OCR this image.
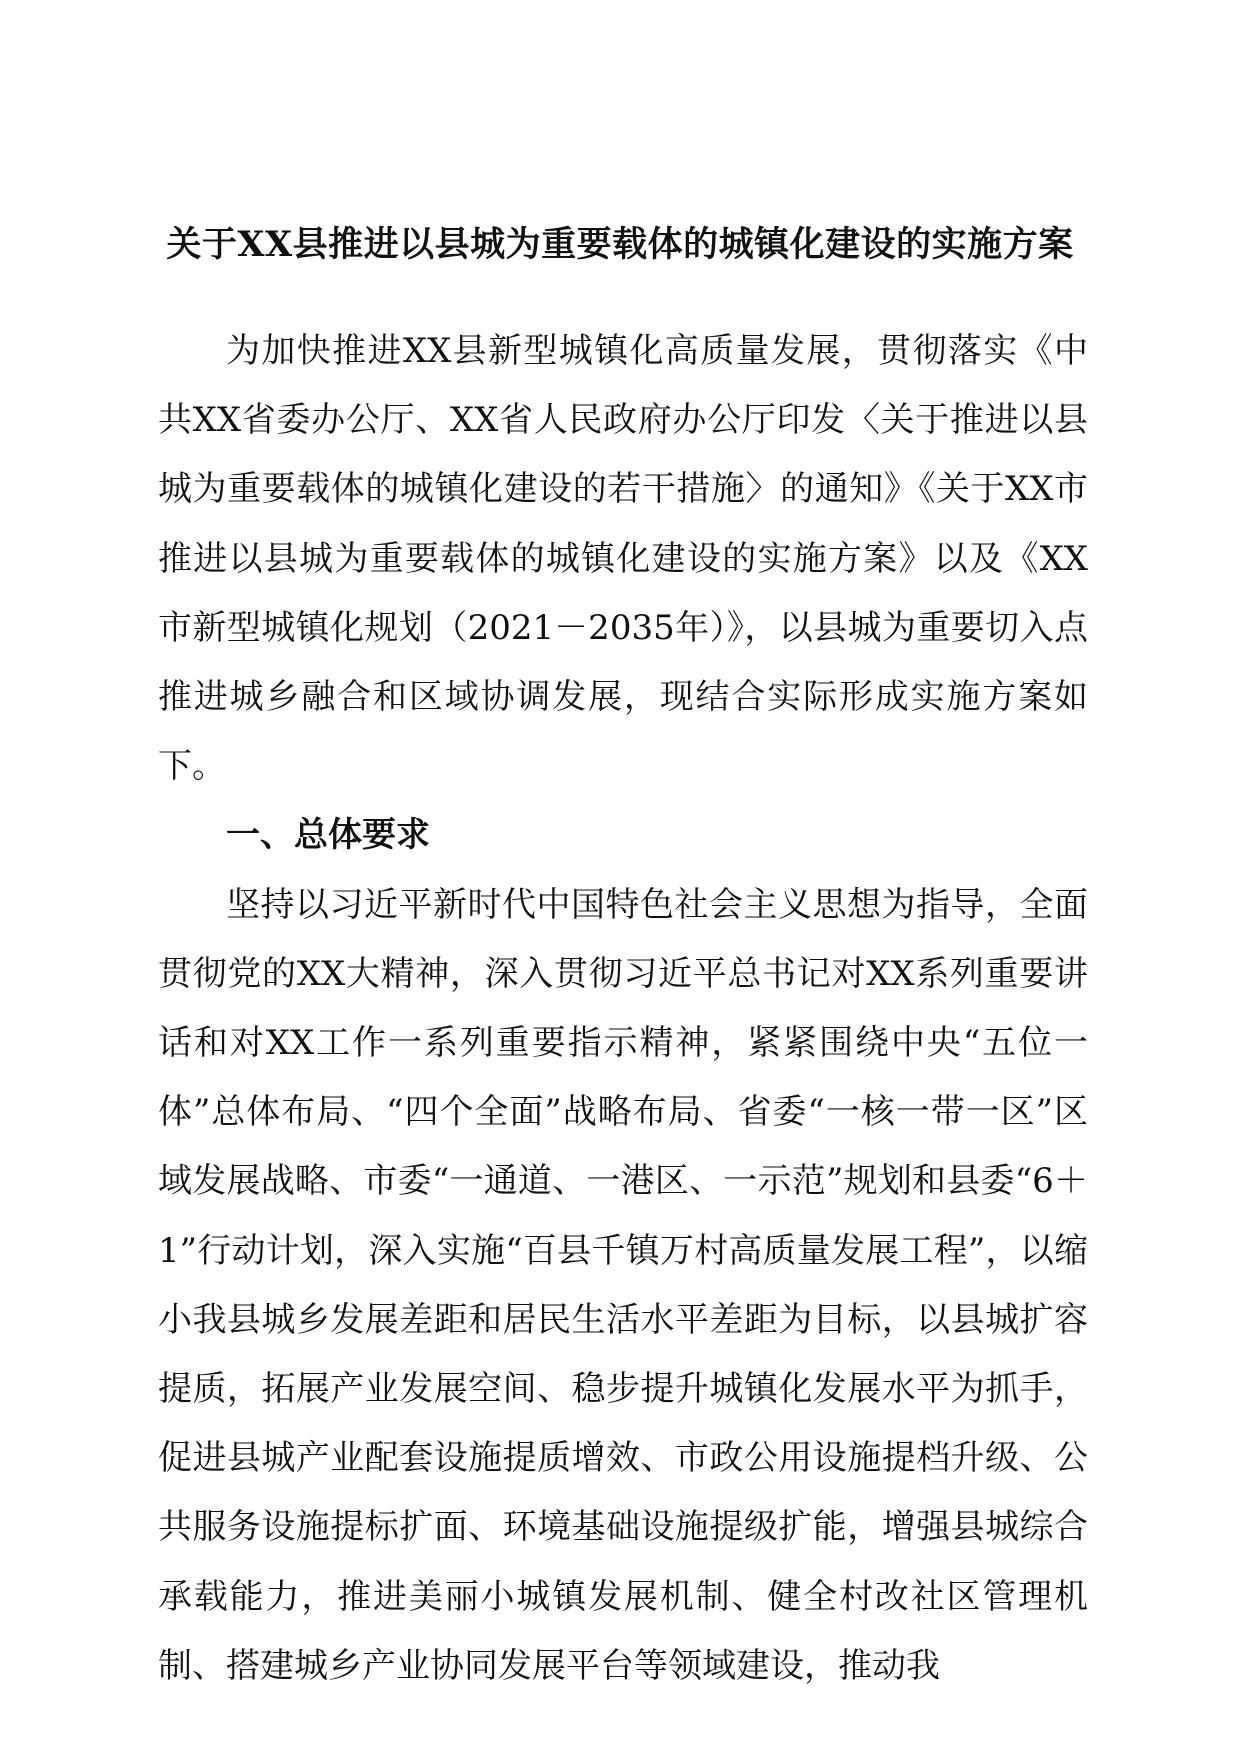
关于XX县推进以县城为重要载体的城镇化建设的实施方案

为加快推进XX县新型城镇化高质量发展，贯彻落实《中共XX省委办公厅、XX省人民政府办公厅印发〈关于推进以县城为重要载体的城镇化建设的若干措施〉的通知》《关于XX市推进以县城为重要载体的城镇化建设的实施方案》以及《XX市新型城镇化规划（2021－2035年）》，以县城为重要切入点推进城乡融合和区域协调发展，现结合实际形成实施方案如下。

一、总体要求

坚持以习近平新时代中国特色社会主义思想为指导，全面贯彻党的XX大精神，深入贯彻习近平总书记对XX系列重要讲话和对XX工作一系列重要指示精神，紧紧围绕中央“五位一体”总体布局、“四个全面”战略布局、省委“一核一带一区”区域发展战略、市委“一通道、一港区、一示范”规划和县委“6＋1”行动计划，深入实施“百县千镇万村高质量发展工程”，以缩小我县城乡发展差距和居民生活水平差距为目标，以县城扩容提质，拓展产业发展空间、稳步提升城镇化发展水平为抓手，促进县城产业配套设施提质增效、市政公用设施提档升级、公共服务设施提标扩面、环境基础设施提级扩能，增强县城综合承载能力，推进美丽小城镇发展机制、健全村改社区管理机制、搭建城乡产业协同发展平台等领域建设，推动我
